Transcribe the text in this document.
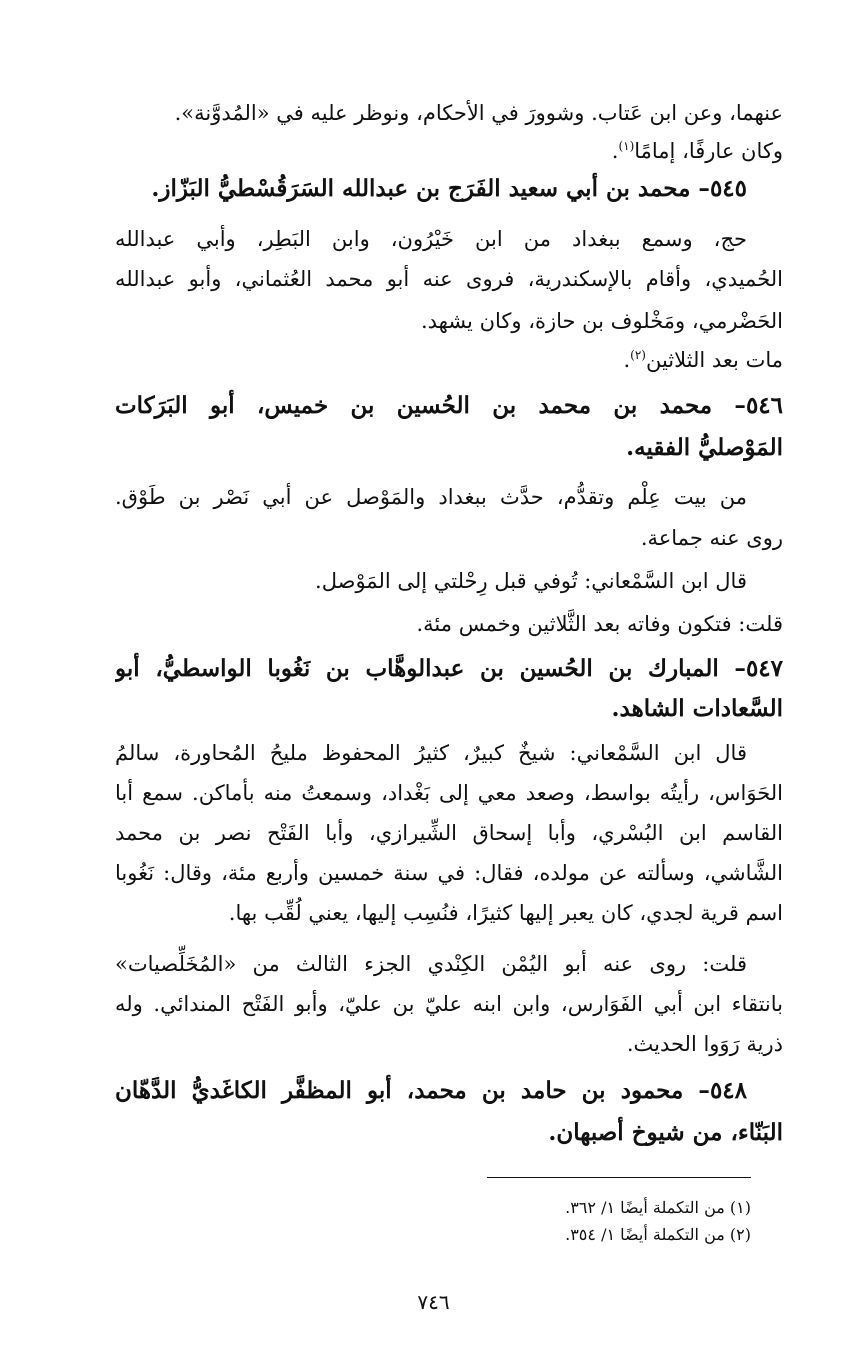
عنهما، وعن ابن عَتاب. وشوورَ في الأحكام، ونوظر عليه في «المُدوَّنة».
وكان عارفًا، إمامًا$^{(١)}$.
٥٤٥– محمد بن أبي سعيد الفَرَج بن عبدالله السَرَقُسْطيُّ البَزّاز.
حج، وسمع ببغداد من ابن خَيْرُون، وابن البَطِر، وأبي عبدالله
الحُميدي، وأقام بالإسكندرية، فروى عنه أبو محمد العُثماني، وأبو عبدالله
الحَضْرمي، ومَخْلوف بن حازة، وكان يشهد.
مات بعد الثلاثين$^{(٢)}$.
٥٤٦– محمد بن محمد بن الحُسين بن خميس، أبو البَرَكات
المَوْصليُّ الفقيه.
من بيت عِلْم وتقدُّم، حدَّث ببغداد والمَوْصل عن أبي نَصْر بن طَوْق.
روى عنه جماعة.
قال ابن السَّمْعاني: تُوفي قبل رِحْلتي إلى المَوْصل.
قلت: فتكون وفاته بعد الثَّلاثين وخمس مئة.
٥٤٧– المبارك بن الحُسين بن عبدالوهَّاب بن نَغُوبا الواسطيُّ، أبو
السَّعادات الشاهد.
قال ابن السَّمْعاني: شيخٌ كبيرٌ، كثيرُ المحفوظ مليحُ المُحاورة، سالمُ
الحَوَاس، رأيتُه بواسط، وصعد معي إلى بَغْداد، وسمعتُ منه بأماكن. سمع أبا
القاسم ابن البُسْري، وأبا إسحاق الشِّيرازي، وأبا الفَتْح نصر بن محمد
الشَّاشي، وسألته عن مولده، فقال: في سنة خمسين وأربع مئة، وقال: نَغُوبا
اسم قرية لجدي، كان يعبر إليها كثيرًا، فنُسِب إليها، يعني لُقِّب بها.
قلت: روى عنه أبو اليُمْن الكِنْدي الجزء الثالث من «المُخَلِّصيات»
بانتقاء ابن أبي الفَوَارس، وابن ابنه عليّ بن عليّ، وأبو الفَتْح المندائي. وله
ذرية رَوَوا الحديث.
٥٤٨– محمود بن حامد بن محمد، أبو المظفَّر الكاغَديُّ الدَّهّان
البَنّاء، من شيوخ أصبهان.
(١) من التكملة أيضًا ١/ ٣٦٢.
(٢) من التكملة أيضًا ١/ ٣٥٤.
٧٤٦
